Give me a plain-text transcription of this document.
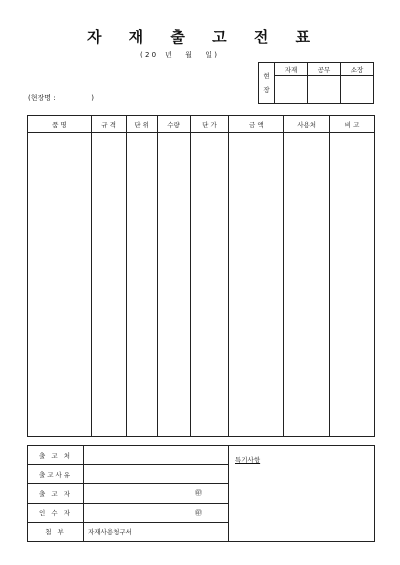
자 재 출 고 전 표
( 2 0    년      월      일 )
(현장명 :                )
현
장	자재	공무	소장

품 명	규 격	단 위	수량	단 가	금 액	사용처	비 고

출 고 처		특기사항
출고사유		
출 고 자	㊞	

인 수 자	㊞	

첨 부	자재사용청구서	
